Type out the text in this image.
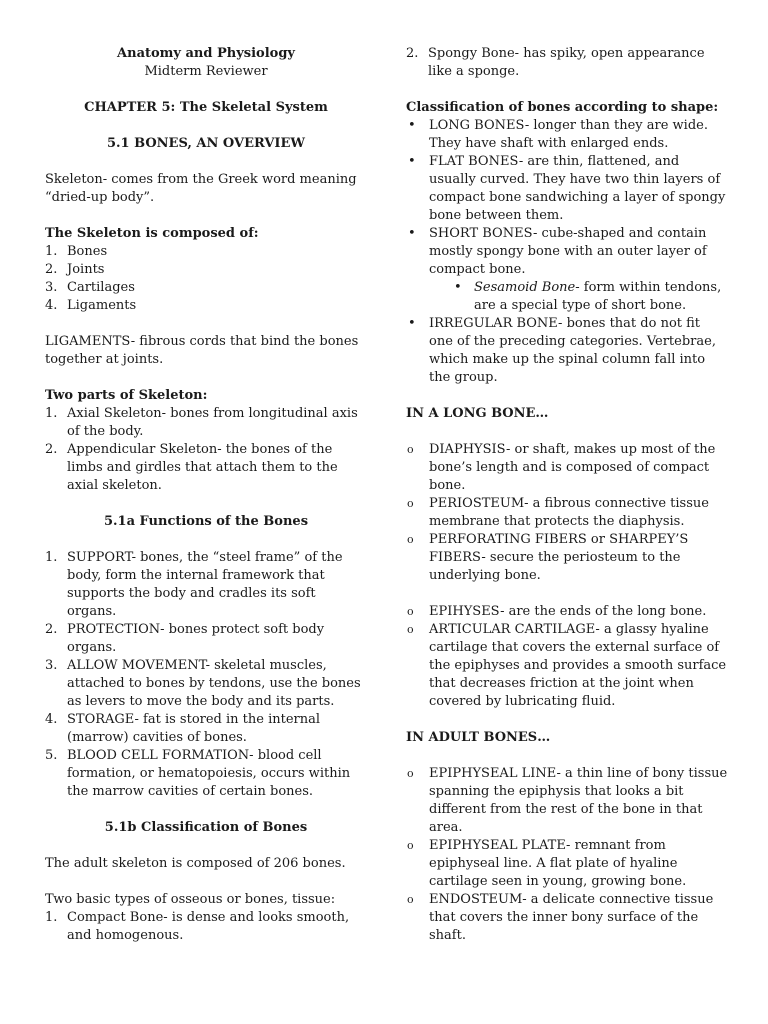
Anatomy and Physiology

Midterm Reviewer

CHAPTER 5: The Skeletal System

5.1 BONES, AN OVERVIEW

Skeleton- comes from the Greek word meaning “dried-up body”.

The Skeleton is composed of:

1. Bones
2. Joints
3. Cartilages
4. Ligaments

LIGAMENTS- fibrous cords that bind the bones together at joints.

Two parts of Skeleton:

1. Axial Skeleton- bones from longitudinal axis of the body.
2. Appendicular Skeleton- the bones of the limbs and girdles that attach them to the axial skeleton.

5.1a Functions of the Bones

1. SUPPORT- bones, the “steel frame” of the body, form the internal framework that supports the body and cradles its soft organs.
2. PROTECTION- bones protect soft body organs.
3. ALLOW MOVEMENT- skeletal muscles, attached to bones by tendons, use the bones as levers to move the body and its parts.
4. STORAGE- fat is stored in the internal (marrow) cavities of bones.
5. BLOOD CELL FORMATION- blood cell formation, or hematopoiesis, occurs within the marrow cavities of certain bones.

5.1b Classification of Bones

The adult skeleton is composed of 206 bones.

Two basic types of osseous or bones, tissue:

1. Compact Bone- is dense and looks smooth, and homogenous.
2. Spongy Bone- has spiky, open appearance like a sponge.

Classification of bones according to shape:

•	LONG BONES- longer than they are wide. They have shaft with enlarged ends.
•	FLAT BONES- are thin, flattened, and usually curved. They have two thin layers of compact bone sandwiching a layer of spongy bone between them.
•	SHORT BONES- cube-shaped and contain mostly spongy bone with an outer layer of compact bone.
• Sesamoid Bone- form within tendons, are a special type of short bone.
•	IRREGULAR BONE- bones that do not fit one of the preceding categories. Vertebrae, which make up the spinal column fall into the group.

IN A LONG BONE…

o	DIAPHYSIS- or shaft, makes up most of the bone’s length and is composed of compact bone.
o	PERIOSTEUM- a fibrous connective tissue membrane that protects the diaphysis.
o	PERFORATING FIBERS or SHARPEY’S FIBERS- secure the periosteum to the underlying bone.
o	EPIHYSES- are the ends of the long bone.
o	ARTICULAR CARTILAGE- a glassy hyaline cartilage that covers the external surface of the epiphyses and provides a smooth surface that decreases friction at the joint when covered by lubricating fluid.

IN ADULT BONES…

o	EPIPHYSEAL LINE- a thin line of bony tissue spanning the epiphysis that looks a bit different from the rest of the bone in that area.
o	EPIPHYSEAL PLATE- remnant from epiphyseal line. A flat plate of hyaline cartilage seen in young, growing bone.
o	ENDOSTEUM- a delicate connective tissue that covers the inner bony surface of the shaft.
